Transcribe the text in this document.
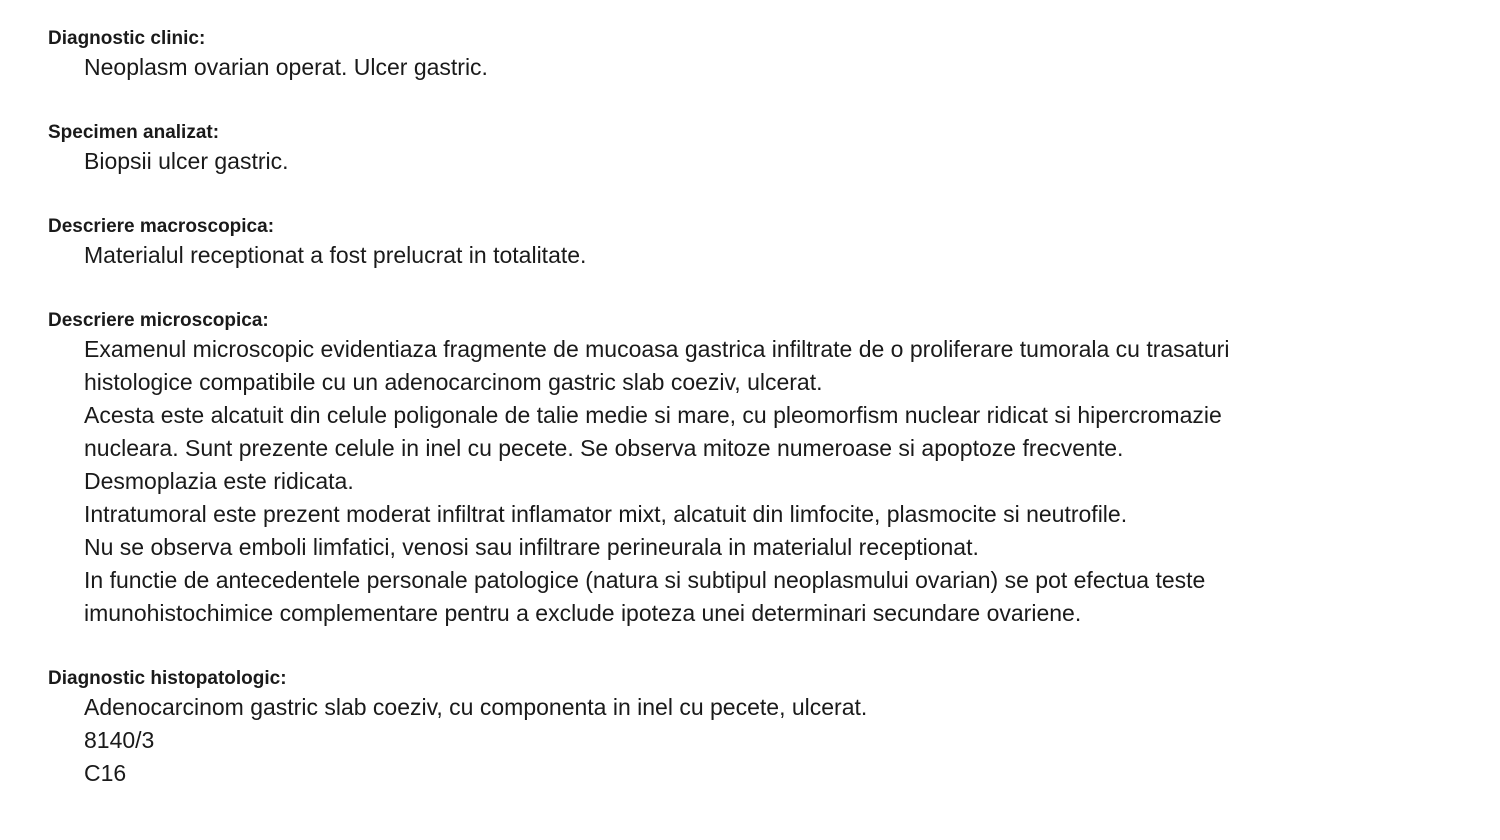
Diagnostic clinic:
Neoplasm ovarian operat. Ulcer gastric.
Specimen analizat:
Biopsii ulcer gastric.
Descriere macroscopica:
Materialul receptionat a fost prelucrat in totalitate.
Descriere microscopica:
Examenul microscopic evidentiaza fragmente de mucoasa gastrica infiltrate de o proliferare tumorala cu trasaturi
histologice compatibile cu un adenocarcinom gastric slab coeziv, ulcerat.
Acesta este alcatuit din celule poligonale de talie medie si mare, cu pleomorfism nuclear ridicat si hipercromazie
nucleara. Sunt prezente celule in inel cu pecete. Se observa mitoze numeroase si apoptoze frecvente.
Desmoplazia este ridicata.
Intratumoral este prezent moderat infiltrat inflamator mixt, alcatuit din limfocite, plasmocite si neutrofile.
Nu se observa emboli limfatici, venosi sau infiltrare perineurala in materialul receptionat.
In functie de antecedentele personale patologice (natura si subtipul neoplasmului ovarian) se pot efectua teste
imunohistochimice complementare pentru a exclude ipoteza unei determinari secundare ovariene.
Diagnostic histopatologic:
Adenocarcinom gastric slab coeziv, cu componenta in inel cu pecete, ulcerat.
8140/3
C16
